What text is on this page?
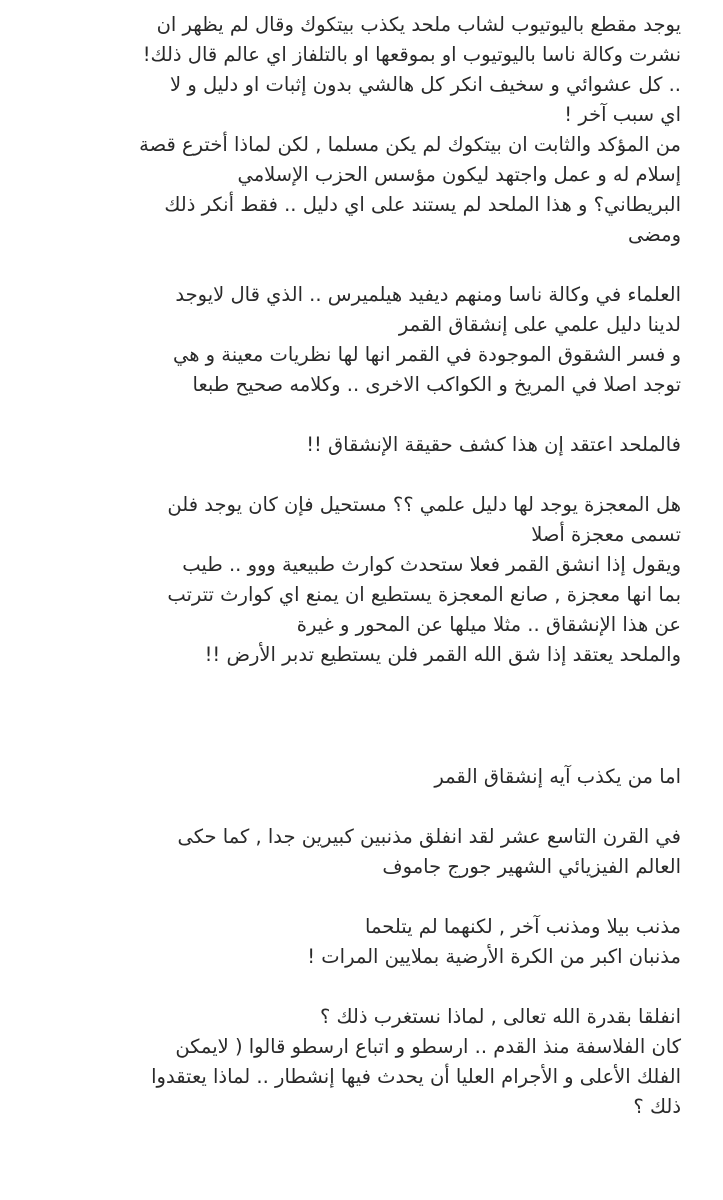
يوجد مقطع باليوتيوب لشاب ملحد يكذب بيتكوك وقال لم يظهر ان
نشرت وكالة ناسا باليوتيوب او بموقعها او بالتلفاز اي عالم قال ذلك!
.. كل عشوائي و سخيف انكر كل هالشي بدون إثبات او دليل و لا
اي سبب آخر !
من المؤكد والثابت ان بيتكوك لم يكن مسلما , لكن لماذا أخترع قصة
إسلام له و عمل واجتهد ليكون مؤسس الحزب الإسلامي
البريطاني؟ و هذا الملحد لم يستند على اي دليل .. فقط أنكر ذلك
ومضى
العلماء في وكالة ناسا ومنهم ديفيد هيلميرس .. الذي قال لايوجد
لدينا دليل علمي على إنشقاق القمر
و فسر الشقوق الموجودة في القمر انها لها نظريات معينة و هي
توجد اصلا في المريخ و الكواكب الاخرى .. وكلامه صحيح طبعا
فالملحد اعتقد إن هذا كشف حقيقة الإنشقاق !!
هل المعجزة يوجد لها دليل علمي ؟؟ مستحيل فإن كان يوجد فلن
تسمى معجزة أصلا
ويقول إذا انشق القمر فعلا ستحدث كوارث طبيعية ووو .. طيب
بما انها معجزة , صانع المعجزة يستطيع ان يمنع اي كوارث تترتب
عن هذا الإنشقاق .. مثلا ميلها عن المحور و غيرة
والملحد يعتقد إذا شق الله القمر فلن يستطيع تدبر الأرض !!
اما من يكذب آيه إنشقاق القمر
في القرن التاسع عشر لقد انفلق مذنبين كبيرين جدا , كما حكى
العالم الفيزيائي الشهير جورج جاموف
مذنب بيلا ومذنب آخر , لكنهما لم يتلحما
مذنبان اكبر من الكرة الأرضية بملايين المرات !
انفلقا بقدرة الله تعالى , لماذا نستغرب ذلك ؟
كان الفلاسفة منذ القدم .. ارسطو و اتباع ارسطو قالوا ( لايمكن
الفلك الأعلى و الأجرام العليا أن يحدث فيها إنشطار .. لماذا يعتقدوا
ذلك ؟
